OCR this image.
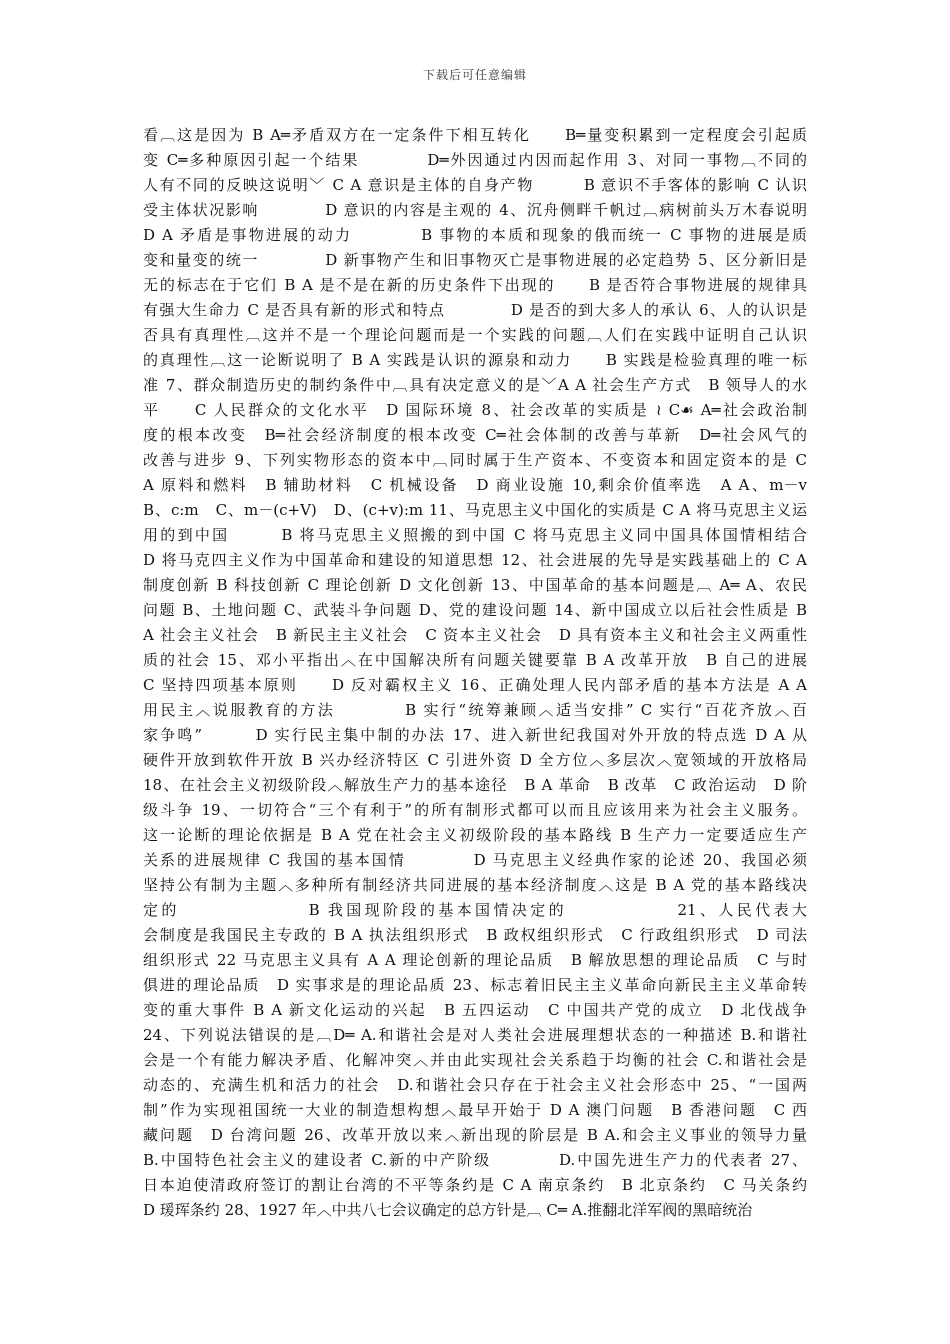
下载后可任意编辑
看︹这是因为 B A═矛盾双方在一定条件下相互转化　　B═量变积累到一定程度会引起质
变 C═多种原因引起一个结果　　　　D═外因通过内因而起作用 3、对同一事物︹不同的
人有不同的反映这说明﹀ C A 意识是主体的自身产物　　　B 意识不手客体的影响 C 认识
受主体状况影响　　　　D 意识的内容是主观的 4、沉舟侧畔千帆过︹病树前头万木春说明
D A 矛盾是事物进展的动力　　　　B 事物的本质和现象的俄而统一 C 事物的进展是质
变和量变的统一　　　　D 新事物产生和旧事物灭亡是事物进展的必定趋势 5、区分新旧是
无的标志在于它们 B A 是不是在新的历史条件下出现的　　B 是否符合事物进展的规律具
有强大生命力 C 是否具有新的形式和特点　　　　D 是否的到大多人的承认 6、人的认识是
否具有真理性︹这并不是一个理论问题而是一个实践的问题︹人们在实践中证明自己认识
的真理性︹这一论断说明了 B A 实践是认识的源泉和动力　　B 实践是检验真理的唯一标
准 7、群众制造历史的制约条件中︹具有决定意义的是﹀A A 社会生产方式　B 领导人的水
平　　C 人民群众的文化水平　D 国际环境 8、社会改革的实质是 ≀ C☙ A═社会政治制
度的根本改变　B═社会经济制度的根本改变 C═社会体制的改善与革新　D═社会风气的
改善与进步 9、下列实物形态的资本中︹同时属于生产资本、不变资本和固定资本的是 C
A 原料和燃料　B 辅助材料　C 机械设备　D 商业设施 10,剩余价值率选　A A、m－v
B、c:m　C、m－(c+V)　D、(c+v):m 11、马克思主义中国化的实质是 C A 将马克思主义运
用的到中国　　　B 将马克思主义照搬的到中国 C 将马克思主义同中国具体国情相结合
D 将马克四主义作为中国革命和建设的知道思想 12、社会进展的先导是实践基础上的 C A
制度创新 B 科技创新 C 理论创新 D 文化创新 13、中国革命的基本问题是︹ A═ A、农民
问题 B、土地问题 C、武装斗争问题 D、党的建设问题 14、新中国成立以后社会性质是 B
A 社会主义社会　B 新民主主义社会　C 资本主义社会　D 具有资本主义和社会主义两重性
质的社会 15、邓小平指出︿在中国解决所有问题关键要靠 B A 改革开放　B 自己的进展
C 坚持四项基本原则　　D 反对霸权主义 16、正确处理人民内部矛盾的基本方法是 A A
用民主︿说服教育的方法　　　　B 实行“统筹兼顾︿适当安排” C 实行“百花齐放︿百
家争鸣”　　　D 实行民主集中制的办法 17、进入新世纪我国对外开放的特点选 D A 从
硬件开放到软件开放 B 兴办经济特区 C 引进外资 D 全方位︿多层次︿宽领域的开放格局
18、在社会主义初级阶段︿解放生产力的基本途径　B A 革命　B 改革　C 政治运动　D 阶
级斗争 19、一切符合“三个有利于”的所有制形式都可以而且应该用来为社会主义服务。
这一论断的理论依据是 B A 党在社会主义初级阶段的基本路线 B 生产力一定要适应生产
关系的进展规律 C 我国的基本国情　　　　D 马克思主义经典作家的论述 20、我国必须
坚持公有制为主题︿多种所有制经济共同进展的基本经济制度︿这是 B A 党的基本路线决
定的　　　　　　　B 我国现阶段的基本国情决定的　　　　　　21、人民代表大
会制度是我国民主专政的 B A 执法组织形式　B 政权组织形式　C 行政组织形式　D 司法
组织形式 22 马克思主义具有 A A 理论创新的理论品质　B 解放思想的理论品质　C 与时
俱进的理论品质　D 实事求是的理论品质 23、标志着旧民主主义革命向新民主主义革命转
变的重大事件 B A 新文化运动的兴起　B 五四运动　C 中国共产党的成立　D 北伐战争
24、下列说法错误的是︹D═ A.和谐社会是对人类社会进展理想状态的一种描述 B.和谐社
会是一个有能力解决矛盾、化解冲突︿并由此实现社会关系趋于均衡的社会 C.和谐社会是
动态的、充满生机和活力的社会　D.和谐社会只存在于社会主义社会形态中 25、“一国两
制”作为实现祖国统一大业的制造想构想︿最早开始于 D A 澳门问题　B 香港问题　C 西
藏问题　D 台湾问题 26、改革开放以来︿新出现的阶层是 B A.和会主义事业的领导力量
B.中国特色社会主义的建设者 C.新的中产阶级　　　　D.中国先进生产力的代表者 27、
日本迫使清政府签订的割让台湾的不平等条约是 C A 南京条约　B 北京条约　C 马关条约
D 瑗珲条约 28、1927 年︿中共八七会议确定的总方针是︹ C═ A.推翻北洋军阀的黑暗统治
